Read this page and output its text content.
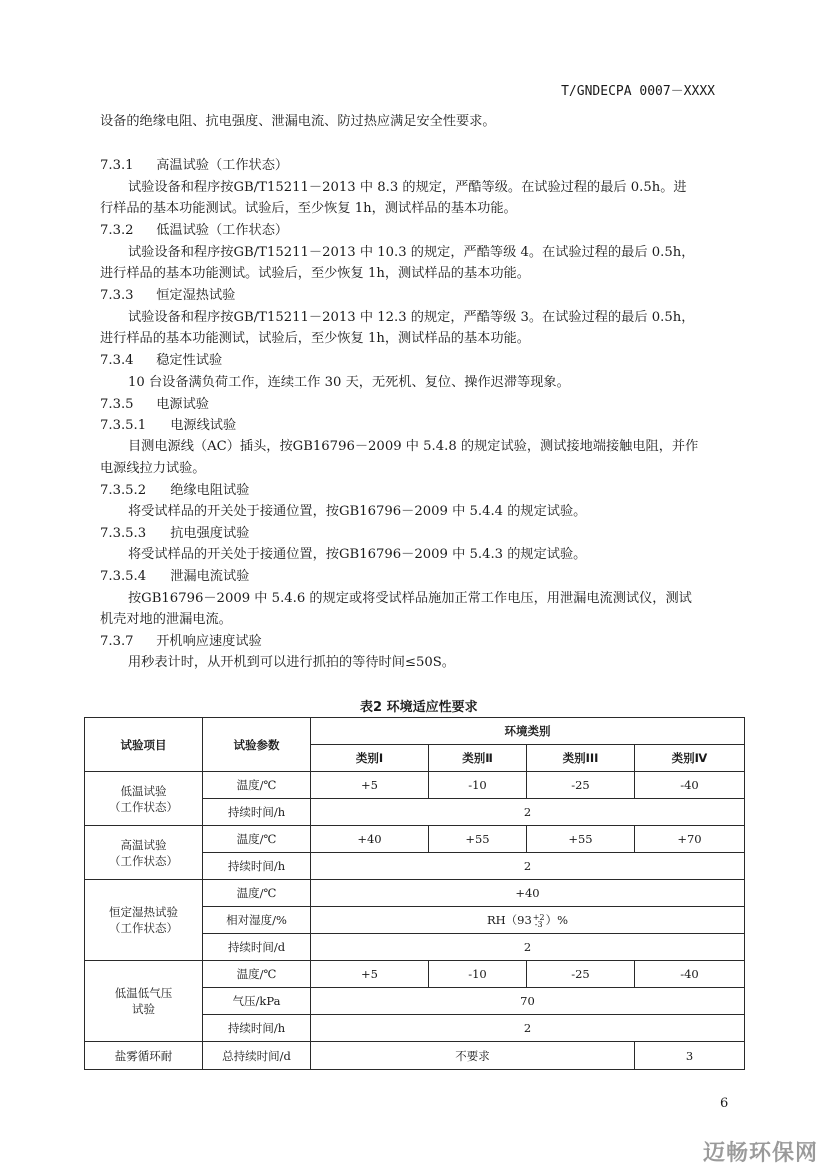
T/GNDECPA 0007－XXXX
设备的绝缘电阻、抗电强度、泄漏电流、防过热应满足安全性要求。
7.3.1 高温试验（工作状态）
试验设备和程序按GB/T15211－2013 中 8.3 的规定，严酷等级。在试验过程的最后 0.5h。进
行样品的基本功能测试。试验后，至少恢复 1h，测试样品的基本功能。
7.3.2 低温试验（工作状态）
试验设备和程序按GB/T15211－2013 中 10.3 的规定，严酷等级 4。在试验过程的最后 0.5h，
进行样品的基本功能测试。试验后，至少恢复 1h，测试样品的基本功能。
7.3.3 恒定湿热试验
试验设备和程序按GB/T15211－2013 中 12.3 的规定，严酷等级 3。在试验过程的最后 0.5h，
进行样品的基本功能测试，试验后，至少恢复 1h，测试样品的基本功能。
7.3.4 稳定性试验
10 台设备满负荷工作，连续工作 30 天，无死机、复位、操作迟滞等现象。
7.3.5 电源试验
7.3.5.1 电源线试验
目测电源线（AC）插头，按GB16796－2009 中 5.4.8 的规定试验，测试接地端接触电阻，并作
电源线拉力试验。
7.3.5.2 绝缘电阻试验
将受试样品的开关处于接通位置，按GB16796－2009 中 5.4.4 的规定试验。
7.3.5.3 抗电强度试验
将受试样品的开关处于接通位置，按GB16796－2009 中 5.4.3 的规定试验。
7.3.5.4 泄漏电流试验
按GB16796－2009 中 5.4.6 的规定或将受试样品施加正常工作电压，用泄漏电流测试仪，测试
机壳对地的泄漏电流。
7.3.7 开机响应速度试验
用秒表计时，从开机到可以进行抓拍的等待时间≤50S。
表2 环境适应性要求
试验项目	试验参数	环境类别			
		类别Ⅰ	类别Ⅱ	类别III	类别Ⅳ

低温试验
（工作状态）	温度/℃	+5	-10	-25	-40
	持续时间/h	2			

高温试验
（工作状态）	温度/℃	+40	+55	+55	+70
	持续时间/h	2			

恒定湿热试验
（工作状态）	温度/℃	+40			
	相对湿度/%	RH（93 +2
-3 ）%			
	持续时间/d	2			

低温低气压
试验	温度/℃	+5	-10	-25	-40
	气压/kPa	70			
	持续时间/h	2			
盐雾循环耐	总持续时间/d	不要求			3
6
迈畅环保网
